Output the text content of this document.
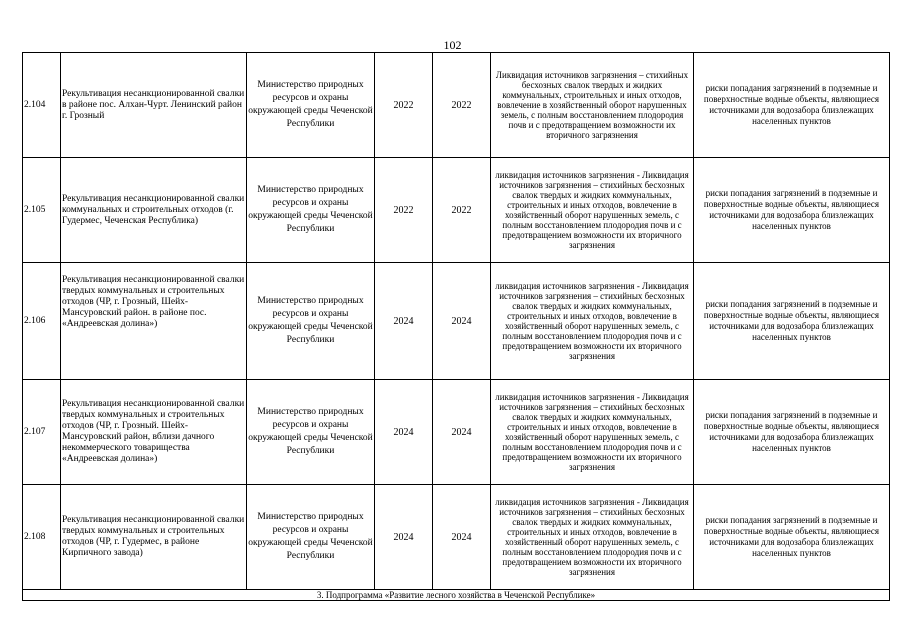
102
2.104	Рекультивация несанкционированной свалки в районе пос. Алхан-Чурт. Ленинский район г. Грозный	Министерство природных ресурсов и охраны окружающей среды Чеченской Республики	2022	2022	Ликвидация источников загрязнения – стихийных бесхозных свалок твердых и жидких коммунальных, строительных и иных отходов, вовлечение в хозяйственный оборот нарушенных земель, с полным восстановлением плодородия почв и с предотвращением возможности их вторичного загрязнения	риски попадания загрязнений в подземные и поверхностные водные объекты, являющиеся источниками для водозабора близлежащих населенных пунктов
2.105	Рекультивация несанкционированной свалки коммунальных и строительных отходов (г. Гудермес, Чеченская Республика)	Министерство природных ресурсов и охраны окружающей среды Чеченской Республики	2022	2022	ликвидация источников загрязнения - Ликвидация источников загрязнения – стихийных бесхозных свалок твердых и жидких коммунальных, строительных и иных отходов, вовлечение в хозяйственный оборот нарушенных земель, с полным восстановлением плодородия почв и с предотвращением возможности их вторичного загрязнения	риски попадания загрязнений в подземные и поверхностные водные объекты, являющиеся источниками для водозабора близлежащих населенных пунктов
2.106	Рекультивация несанкционированной свалки твердых коммунальных и строительных отходов (ЧР, г. Грозный, Шейх-Мансуровский район. в районе пос. «Андреевская долина»)	Министерство природных ресурсов и охраны окружающей среды Чеченской Республики	2024	2024	ликвидация источников загрязнения - Ликвидация источников загрязнения – стихийных бесхозных свалок твердых и жидких коммунальных, строительных и иных отходов, вовлечение в хозяйственный оборот нарушенных земель, с полным восстановлением плодородия почв и с предотвращением возможности их вторичного загрязнения	риски попадания загрязнений в подземные и поверхностные водные объекты, являющиеся источниками для водозабора близлежащих населенных пунктов
2.107	Рекультивация несанкционированной свалки твердых коммунальных и строительных отходов (ЧР, г. Грозный. Шейх-Мансуровский район, вблизи дачного некоммерческого товарищества «Андреевская долина»)	Министерство природных ресурсов и охраны окружающей среды Чеченской Республики	2024	2024	ликвидация источников загрязнения - Ликвидация источников загрязнения – стихийных бесхозных свалок твердых и жидких коммунальных, строительных и иных отходов, вовлечение в хозяйственный оборот нарушенных земель, с полным восстановлением плодородия почв и с предотвращением возможности их вторичного загрязнения	риски попадания загрязнений в подземные и поверхностные водные объекты, являющиеся источниками для водозабора близлежащих населенных пунктов
2.108	Рекультивация несанкционированной свалки твердых коммунальных и строительных отходов (ЧР, г. Гудермес, в районе Кирпичного завода)	Министерство природных ресурсов и охраны окружающей среды Чеченской Республики	2024	2024	ликвидация источников загрязнения - Ликвидация источников загрязнения – стихийных бесхозных свалок твердых и жидких коммунальных, строительных и иных отходов, вовлечение в хозяйственный оборот нарушенных земель, с полным восстановлением плодородия почв и с предотвращением возможности их вторичного загрязнения	риски попадания загрязнений в подземные и поверхностные водные объекты, являющиеся источниками для водозабора близлежащих населенных пунктов
3. Подпрограмма «Развитие лесного хозяйства в Чеченской Республике»						
